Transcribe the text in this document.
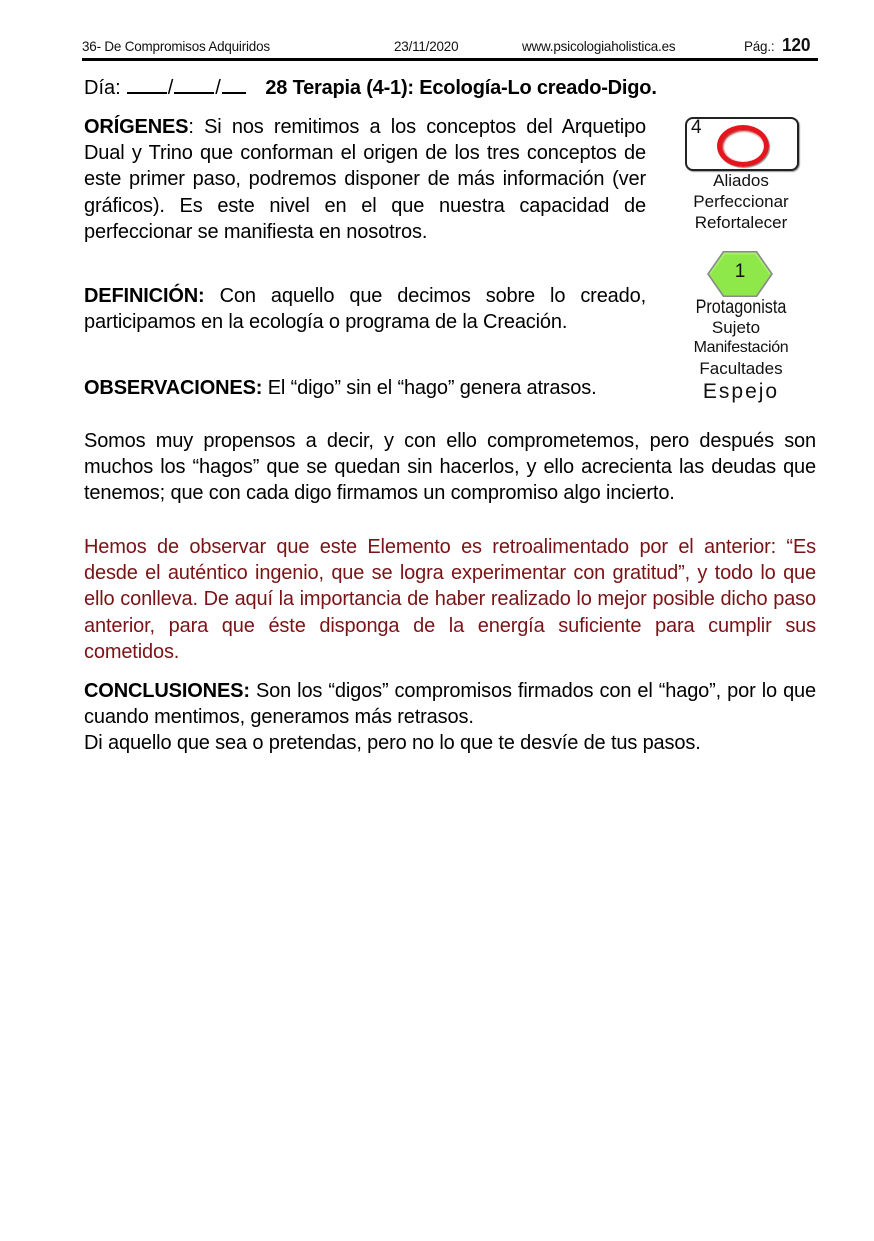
36- De Compromisos Adquiridos	23/11/2020	www.psicologiaholistica.es	Pág.: 120
Día: / / 28 Terapia (4-1): Ecología-Lo creado-Digo.
ORÍGENES: Si nos remitimos a los conceptos del Arquetipo Dual y Trino que conforman el origen de los tres conceptos de este primer paso, podremos disponer de más información (ver gráficos). Es este nivel en el que nuestra capacidad de perfeccionar se manifiesta en nosotros.
DEFINICIÓN: Con aquello que decimos sobre lo creado, participamos en la ecología o programa de la Creación.
OBSERVACIONES: El “digo” sin el “hago” genera atrasos.
Somos muy propensos a decir, y con ello comprometemos, pero después son muchos los “hagos” que se quedan sin hacerlos, y ello acrecienta las deudas que tenemos; que con cada digo firmamos un compromiso algo incierto.
Hemos de observar que este Elemento es retroalimentado por el anterior: “Es desde el auténtico ingenio, que se logra experimentar con gratitud”, y todo lo que ello conlleva. De aquí la importancia de haber realizado lo mejor posible dicho paso anterior, para que éste disponga de la energía suficiente para cumplir sus cometidos.
CONCLUSIONES: Son los “digos” compromisos firmados con el “hago”, por lo que cuando mentimos, generamos más retrasos.
Di aquello que sea o pretendas, pero no lo que te desvíe de tus pasos.
4
Aliados
Perfeccionar
Refortalecer
1
Protagonista
Sujeto
Manifestación
Facultades
Espejo
